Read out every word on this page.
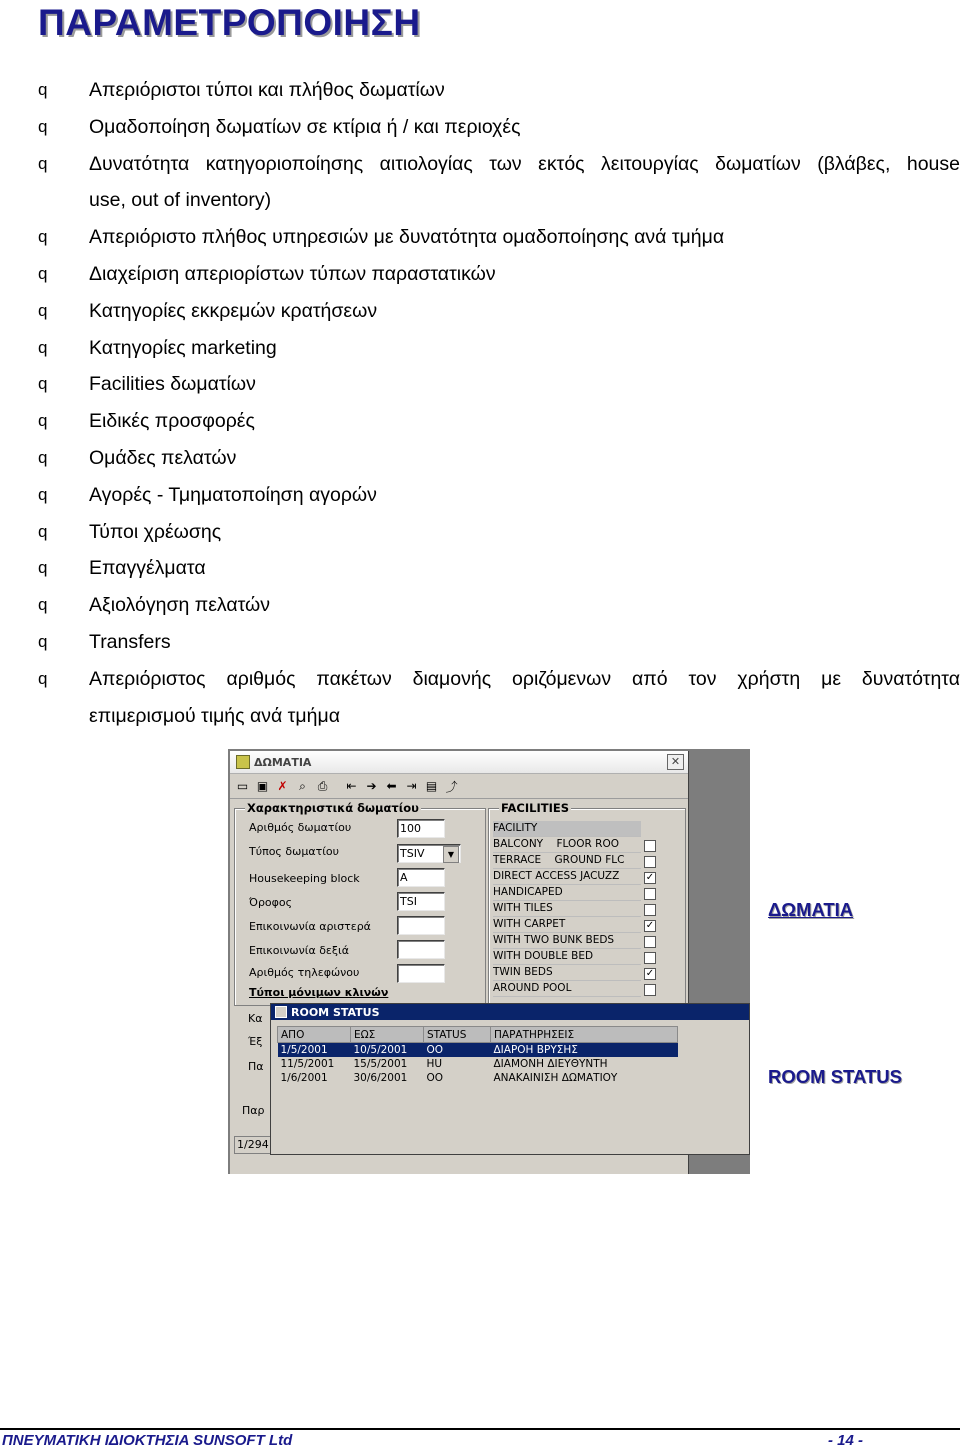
ΠΑΡΑΜΕΤΡΟΠΟΙΗΣΗ
q Απεριόριστοι τύποι και πλήθος δωματίων
q Ομαδοποίηση δωματίων σε κτίρια ή / και περιοχές
q Δυνατότητα κατηγοριοποίησης αιτιολογίας των εκτός λειτουργίας δωματίων (βλάβες, house
use, out of inventory)
q Απεριόριστο πλήθος υπηρεσιών με δυνατότητα ομαδοποίησης ανά τμήμα
q Διαχείριση απεριορίστων τύπων παραστατικών
q Κατηγορίες εκκρεμών κρατήσεων
q Κατηγορίες marketing
q Facilities δωματίων
q Ειδικές προσφορές
q Ομάδες πελατών
q Αγορές - Τμηματοποίηση αγορών
q Τύποι χρέωσης
q Επαγγέλματα
q Αξιολόγηση πελατών
q Transfers
q Απεριόριστος αριθμός πακέτων διαμονής οριζόμενων από τον χρήστη με δυνατότητα
επιμερισμού τιμής ανά τμήμα
ΔΩΜΑΤΙΑ	✕
▭ ▣ ✗ ⌕ ⎙	⇤ ➔ ⬅ ⇥ ▤ ⤴
Χαρακτηριστικά δωματίου
Αριθμός δωματίου	100
Τύπος δωματίου	TSIV	▼
Housekeeping block	A
Όροφος	TSI
Επικοινωνία αριστερά
Επικοινωνία δεξιά
Αριθμός τηλεφώνου
Τύποι μόνιμων κλινών
FACILITIES
FACILITY
BALCONY FLOOR ROO
TERRACE GROUND FLC
DIRECT ACCESS JACUZZ	✓
HANDICAPED
WITH TILES
WITH CARPET	✓
WITH TWO BUNK BEDS
WITH DOUBLE BED
TWIN BEDS	✓
AROUND POOL
Κα
Έξ
Πα
Παρ
1/294
ROOM STATUS
ΑΠΟ	ΕΩΣ	STATUS	ΠΑΡΑΤΗΡΗΣΕΙΣ
1/5/2001	10/5/2001	OO	ΔΙΑΡΟΗ ΒΡΥΣΗΣ
11/5/2001	15/5/2001	HU	ΔΙΑΜΟΝΗ ΔΙΕΥΘΥΝΤΗ
1/6/2001	30/6/2001	OO	ΑΝΑΚΑΙΝΙΣΗ ΔΩΜΑΤΙΟΥ
ΔΩΜΑΤΙΑ
ROOM STATUS
ΠΝΕΥΜΑΤΙΚΗ ΙΔΙΟΚΤΗΣΙΑ SUNSOFT Ltd	- 14 -
